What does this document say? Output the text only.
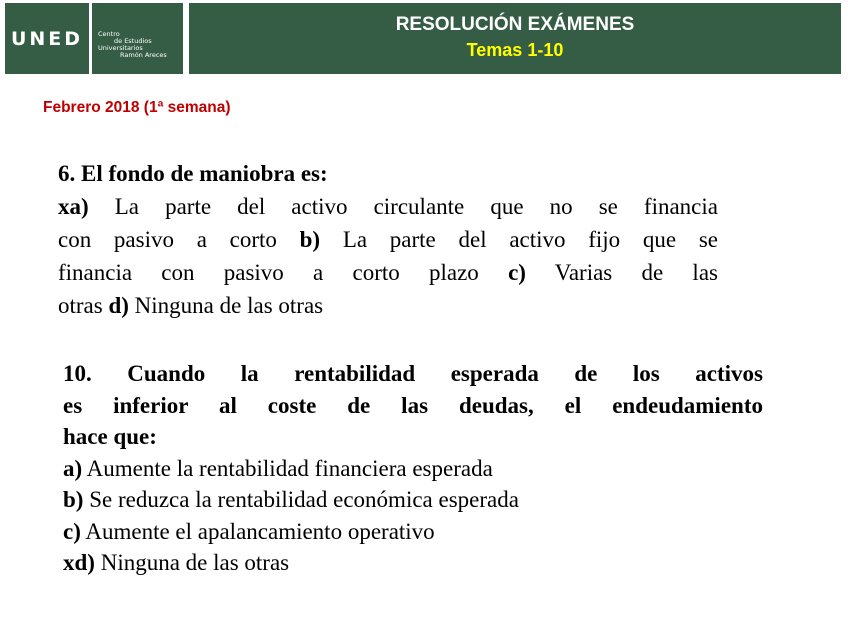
UNED Centro
de Estudios
Universitarios
Ramón Areces
RESOLUCIÓN EXÁMENES
Temas 1-10
Febrero 2018 (1ª semana)
6. El fondo de maniobra es:
xa) La parte del activo circulante que no se financia
con pasivo a corto b) La parte del activo fijo que se
financia con pasivo a corto plazo c) Varias de las
otras d) Ninguna de las otras
10. Cuando la rentabilidad esperada de los activos
es inferior al coste de las deudas, el endeudamiento
hace que:
a) Aumente la rentabilidad financiera esperada
b) Se reduzca la rentabilidad económica esperada
c) Aumente el apalancamiento operativo
xd) Ninguna de las otras
